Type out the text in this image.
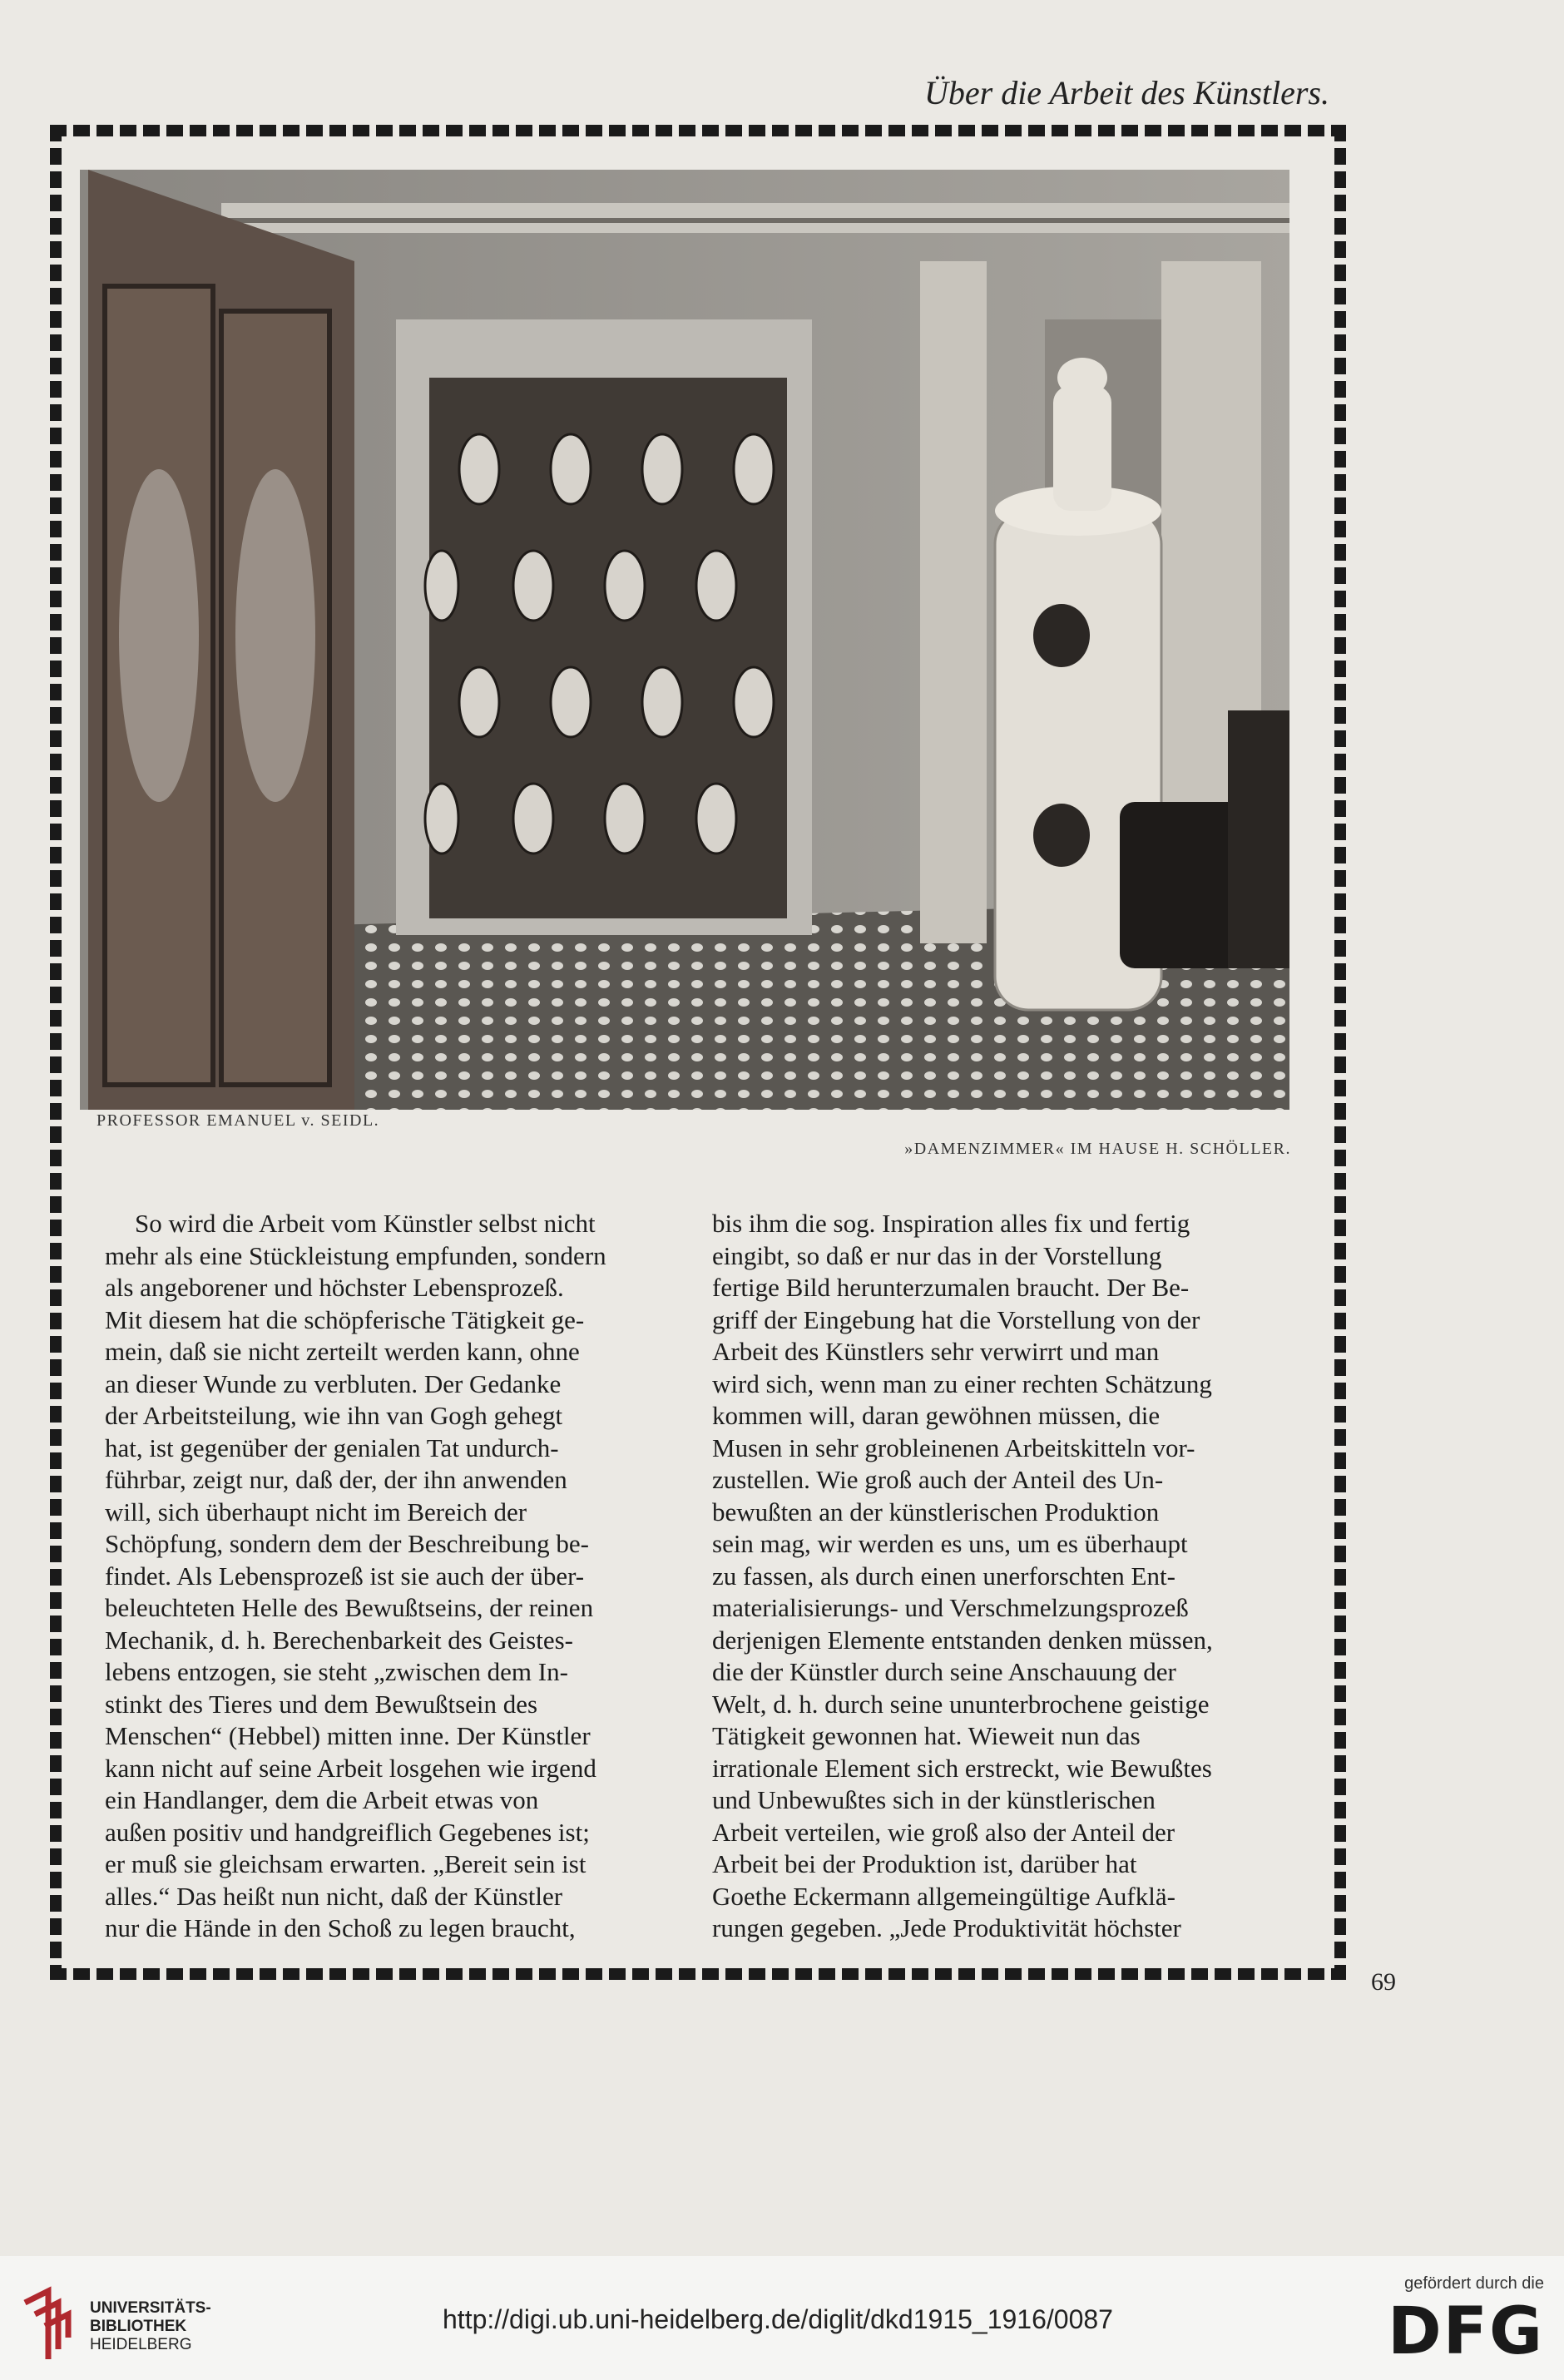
Über die Arbeit des Künstlers.
PROFESSOR EMANUEL v. SEIDL.
»DAMENZIMMER« IM HAUSE H. SCHÖLLER.

So wird die Arbeit vom Künstler selbst nicht

mehr als eine Stückleistung empfunden, sondern

als angeborener und höchster Lebensprozeß.

Mit diesem hat die schöpferische Tätigkeit ge-

mein, daß sie nicht zerteilt werden kann, ohne

an dieser Wunde zu verbluten. Der Gedanke

der Arbeitsteilung, wie ihn van Gogh gehegt

hat, ist gegenüber der genialen Tat undurch-

führbar, zeigt nur, daß der, der ihn anwenden

will, sich überhaupt nicht im Bereich der

Schöpfung, sondern dem der Beschreibung be-

findet. Als Lebensprozeß ist sie auch der über-

beleuchteten Helle des Bewußtseins, der reinen

Mechanik, d. h. Berechenbarkeit des Geistes-

lebens entzogen, sie steht „zwischen dem In-

stinkt des Tieres und dem Bewußtsein des

Menschen“ (Hebbel) mitten inne. Der Künstler

kann nicht auf seine Arbeit losgehen wie irgend

ein Handlanger, dem die Arbeit etwas von

außen positiv und handgreiflich Gegebenes ist;

er muß sie gleichsam erwarten. „Bereit sein ist

alles.“ Das heißt nun nicht, daß der Künstler

nur die Hände in den Schoß zu legen braucht,

bis ihm die sog. Inspiration alles fix und fertig

eingibt, so daß er nur das in der Vorstellung

fertige Bild herunterzumalen braucht. Der Be-

griff der Eingebung hat die Vorstellung von der

Arbeit des Künstlers sehr verwirrt und man

wird sich, wenn man zu einer rechten Schätzung

kommen will, daran gewöhnen müssen, die

Musen in sehr grobleinenen Arbeitskitteln vor-

zustellen. Wie groß auch der Anteil des Un-

bewußten an der künstlerischen Produktion

sein mag, wir werden es uns, um es überhaupt

zu fassen, als durch einen unerforschten Ent-

materialisierungs- und Verschmelzungsprozeß

derjenigen Elemente entstanden denken müssen,

die der Künstler durch seine Anschauung der

Welt, d. h. durch seine ununterbrochene geistige

Tätigkeit gewonnen hat. Wieweit nun das

irrationale Element sich erstreckt, wie Bewußtes

und Unbewußtes sich in der künstlerischen

Arbeit verteilen, wie groß also der Anteil der

Arbeit bei der Produktion ist, darüber hat

Goethe Eckermann allgemeingültige Aufklä-

rungen gegeben. „Jede Produktivität höchster

69
UNIVERSITÄTS-
BIBLIOTHEK
HEIDELBERG
http://digi.ub.uni-heidelberg.de/diglit/dkd1915_1916/0087
gefördert durch die
DFG
